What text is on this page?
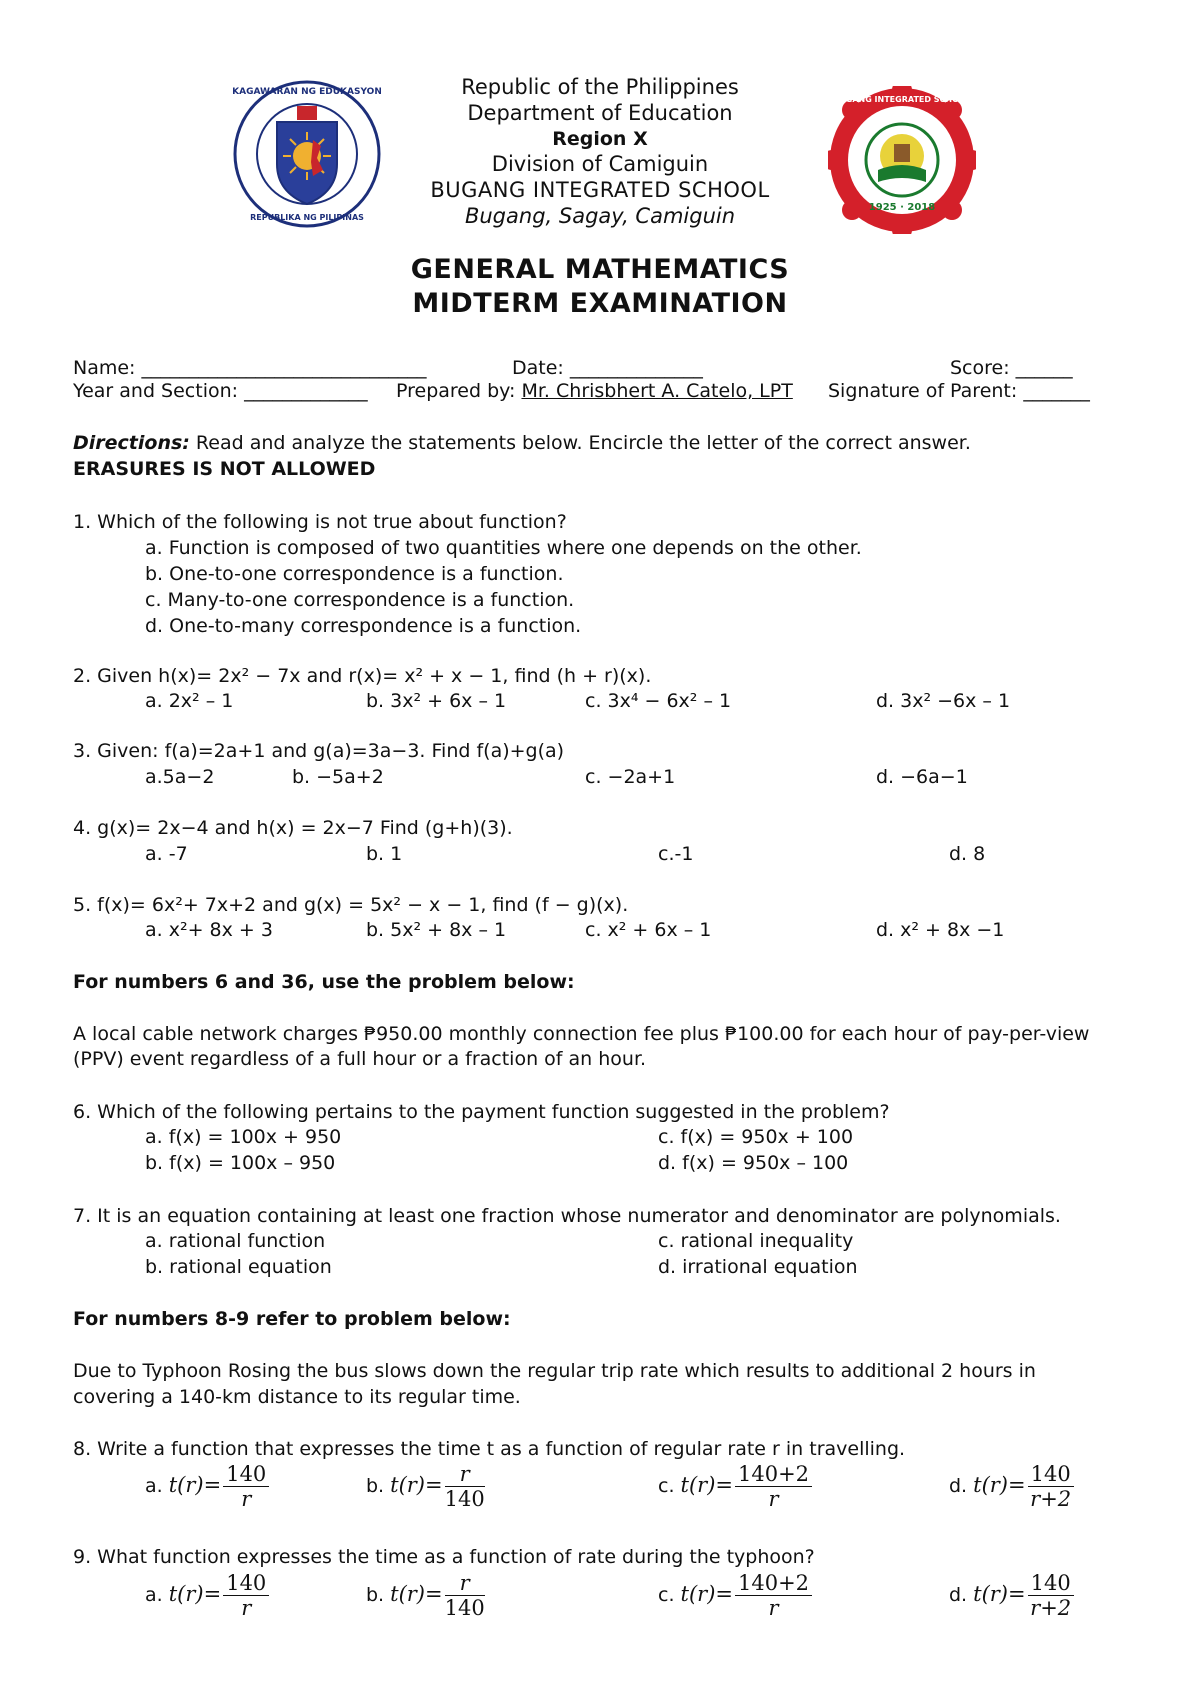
KAGAWARAN NG EDUKASYON
REPUBLIKA NG PILIPINAS
BUGANG INTEGRATED SCHOOL
1925 · 2018
Republic of the Philippines
Department of Education
Region X
Division of Camiguin
BUGANG INTEGRATED SCHOOL
Bugang, Sagay, Camiguin
GENERAL MATHEMATICS
MIDTERM EXAMINATION
Name: ______________________________	Date: ______________	Score: ______
Year and Section: _____________ Prepared by: Mr. Chrisbhert A. Catelo, LPT Signature of Parent: _______
Directions: Read and analyze the statements below. Encircle the letter of the correct answer.
ERASURES IS NOT ALLOWED
1. Which of the following is not true about function?
a. Function is composed of two quantities where one depends on the other.
b. One-to-one correspondence is a function.
c. Many-to-one correspondence is a function.
d. One-to-many correspondence is a function.
2. Given h(x)= 2x² − 7x and r(x)= x² + x − 1, find (h + r)(x).
a. 2x² – 1	b. 3x² + 6x – 1	c. 3x⁴ − 6x² – 1	d. 3x² −6x – 1
3. Given: f(a)=2a+1 and g(a)=3a−3. Find f(a)+g(a)
a.5a−2	b. −5a+2	c. −2a+1	d. −6a−1
4. g(x)= 2x−4 and h(x) = 2x−7 Find (g+h)(3).
a. -7	b. 1	c.-1	d. 8
5. f(x)= 6x²+ 7x+2 and g(x) = 5x² − x − 1, find (f − g)(x).
a. x²+ 8x + 3	b. 5x² + 8x – 1	c. x² + 6x – 1	d. x² + 8x −1
For numbers 6 and 36, use the problem below:
A local cable network charges ₱950.00 monthly connection fee plus ₱100.00 for each hour of pay-per-view
(PPV) event regardless of a full hour or a fraction of an hour.
6. Which of the following pertains to the payment function suggested in the problem?
a. f(x) = 100x + 950	c. f(x) = 950x + 100
b. f(x) = 100x – 950	d. f(x) = 950x – 100
7. It is an equation containing at least one fraction whose numerator and denominator are polynomials.
a. rational function	c. rational inequality
b. rational equation	d. irrational equation
For numbers 8-9 refer to problem below:
Due to Typhoon Rosing the bus slows down the regular trip rate which results to additional 2 hours in
covering a 140-km distance to its regular time.
8. Write a function that expresses the time t as a function of regular rate r in travelling.
a. $t(r)= \frac{140}{r}$	b. $t(r)= \frac{r}{140}$	c. $t(r)= \frac{140+2}{r}$	d. $t(r)= \frac{140}{r+2}$
9. What function expresses the time as a function of rate during the typhoon?
a. $t(r)= \frac{140}{r}$	b. $t(r)= \frac{r}{140}$	c. $t(r)= \frac{140+2}{r}$	d. $t(r)= \frac{140}{r+2}$
